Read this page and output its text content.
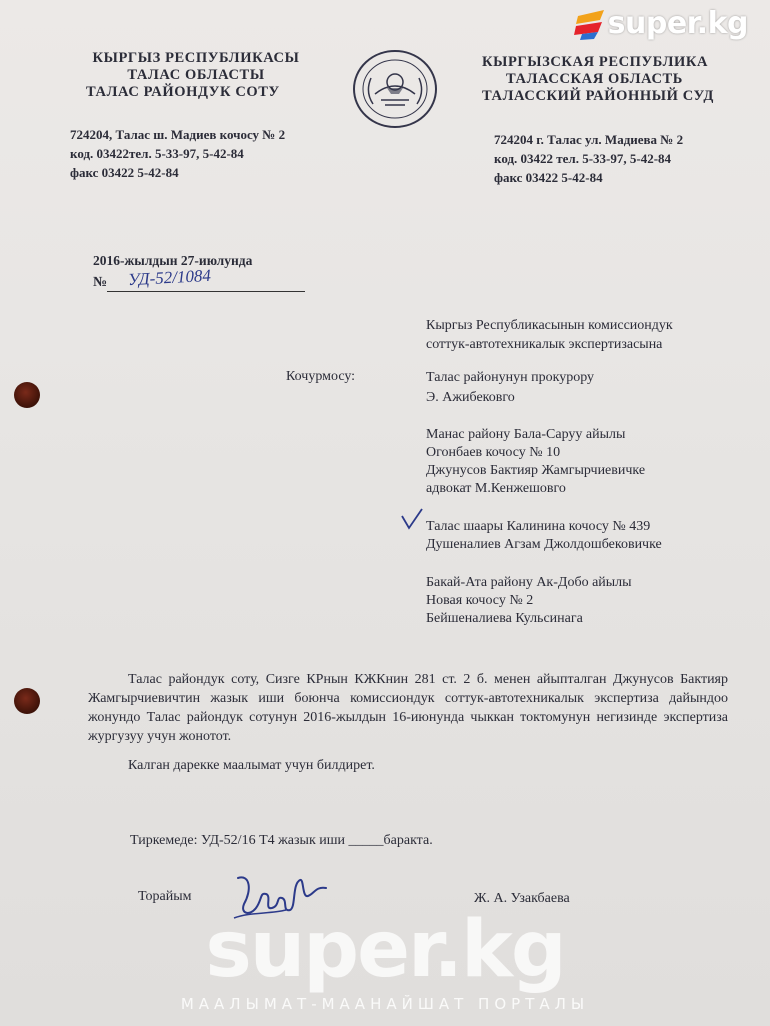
super.kg
КЫРГЫЗ РЕСПУБЛИКАСЫ
ТАЛАС ОБЛАСТЫ
ТАЛАС РАЙОНДУК СОТУ
КЫРГЫЗСКАЯ РЕСПУБЛИКА
ТАЛАССКАЯ ОБЛАСТЬ
ТАЛАССКИЙ РАЙОННЫЙ СУД
724204, Талас ш. Мадиев кочосу № 2
код. 03422тел. 5-33-97, 5-42-84
факс 03422 5-42-84
724204 г. Талас ул. Мадиева № 2
код. 03422 тел. 5-33-97, 5-42-84
факс 03422 5-42-84
2016-жылдын 27-июлунда
№ УД-52/1084
Кыргыз Республикасынын комиссиондук
соттук-автотехникалык экспертизасына
Кочурмосу:	Талас районунун прокурору
Э. Ажибековго
Манас району Бала-Саруу айылы
Огонбаев кочосу № 10
Джунусов Бактияр Жамгырчиевичке
адвокат М.Кенжешовго
Талас шаары Калинина кочосу № 439
Душеналиев Агзам Джолдошбековичке
Бакай-Ата району Ак-Добо айылы
Новая кочосу № 2
Бейшеналиева Кульсинага
Талас райондук соту, Сизге КРнын КЖКнин 281 ст. 2 б. менен айыпталган Джунусов Бактияр Жамгырчиевичтин жазык иши боюнча комиссиондук соттук-автотехникалык экспертиза дайындоо жонундо Талас райондук сотунун 2016-жылдын 16-июнунда чыккан токтомунун негизинде экспертиза жургузуу учун жонотот.
Калган дарекке маалымат учун билдирет.
Тиркемеде: УД-52/16 Т4 жазык иши _____баракта.
Торайым	Ж. А. Узакбаева
super.kg
МААЛЫМАТ-МААНАЙШАТ ПОРТАЛЫ
